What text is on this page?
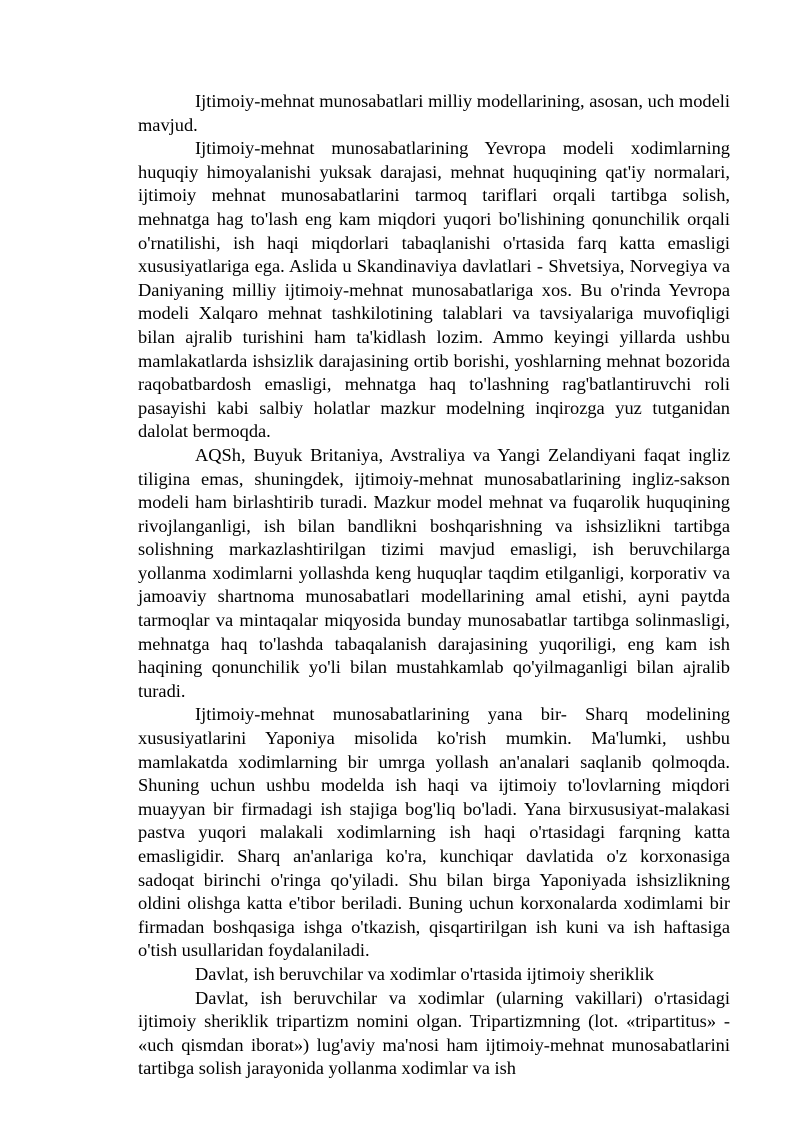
Ijtimoiy-mehnat munosabatlari milliy modellarining, asosan, uch modeli mavjud.

Ijtimoiy-mehnat munosabatlarining Yevropa modeli xodimlarning huquqiy himoyalanishi yuksak darajasi, mehnat huquqining qat'iy normalari, ijtimoiy mehnat munosabatlarini tarmoq tariflari orqali tartibga solish, mehnatga hag to'lash eng kam miqdori yuqori bo'lishining qonunchilik orqali o'rnatilishi, ish haqi miqdorlari tabaqlanishi o'rtasida farq katta emasligi xususiyatlariga ega. Aslida u Skandinaviya davlatlari - Shvetsiya, Norvegiya va Daniyaning milliy ijtimoiy-mehnat munosabatlariga xos. Bu o'rinda Yevropa modeli Xalqaro mehnat tashkilotining talablari va tavsiyalariga muvofiqligi bilan ajralib turishini ham ta'kidlash lozim. Ammo keyingi yillarda ushbu mamlakatlarda ishsizlik darajasining ortib borishi, yoshlarning mehnat bozorida raqobatbardosh emasligi, mehnatga haq to'lashning rag'batlantiruvchi roli pasayishi kabi salbiy holatlar mazkur modelning inqirozga yuz tutganidan dalolat bermoqda.

AQSh, Buyuk Britaniya, Avstraliya va Yangi Zelandiyani faqat ingliz tiligina emas, shuningdek, ijtimoiy-mehnat munosabatlarining ingliz-sakson modeli ham birlashtirib turadi. Mazkur model mehnat va fuqarolik huquqining rivojlanganligi, ish bilan bandlikni boshqarishning va ishsizlikni tartibga solishning markazlashtirilgan tizimi mavjud emasligi, ish beruvchilarga yollanma xodimlarni yollashda keng huquqlar taqdim etilganligi, korporativ va jamoaviy shartnoma munosabatlari modellarining amal etishi, ayni paytda tarmoqlar va mintaqalar miqyosida bunday munosabatlar tartibga solinmasligi, mehnatga haq to'lashda tabaqalanish darajasining yuqoriligi, eng kam ish haqining qonunchilik yo'li bilan mustahkamlab qo'yilmaganligi bilan ajralib turadi.

Ijtimoiy-mehnat munosabatlarining yana bir- Sharq modelining xususiyatlarini Yaponiya misolida ko'rish mumkin. Ma'lumki, ushbu mamlakatda xodimlarning bir umrga yollash an'analari saqlanib qolmoqda. Shuning uchun ushbu modelda ish haqi va ijtimoiy to'lovlarning miqdori muayyan bir firmadagi ish stajiga bog'liq bo'ladi. Yana birxususiyat-malakasi pastva yuqori malakali xodimlarning ish haqi o'rtasidagi farqning katta emasligidir. Sharq an'anlariga ko'ra, kunchiqar davlatida o'z korxonasiga sadoqat birinchi o'ringa qo'yiladi. Shu bilan birga Yaponiyada ishsizlikning oldini olishga katta e'tibor beriladi. Buning uchun korxonalarda xodimlami bir firmadan boshqasiga ishga o'tkazish, qisqartirilgan ish kuni va ish haftasiga o'tish usullaridan foydalaniladi.

Davlat, ish beruvchilar va xodimlar o'rtasida ijtimoiy sheriklik

Davlat, ish beruvchilar va xodimlar (ularning vakillari) o'rtasidagi ijtimoiy sheriklik tripartizm nomini olgan. Tripartizmning (lot. «tripartitus» - «uch qismdan iborat») lug'aviy ma'nosi ham ijtimoiy-mehnat munosabatlarini tartibga solish jarayonida yollanma xodimlar va ish
